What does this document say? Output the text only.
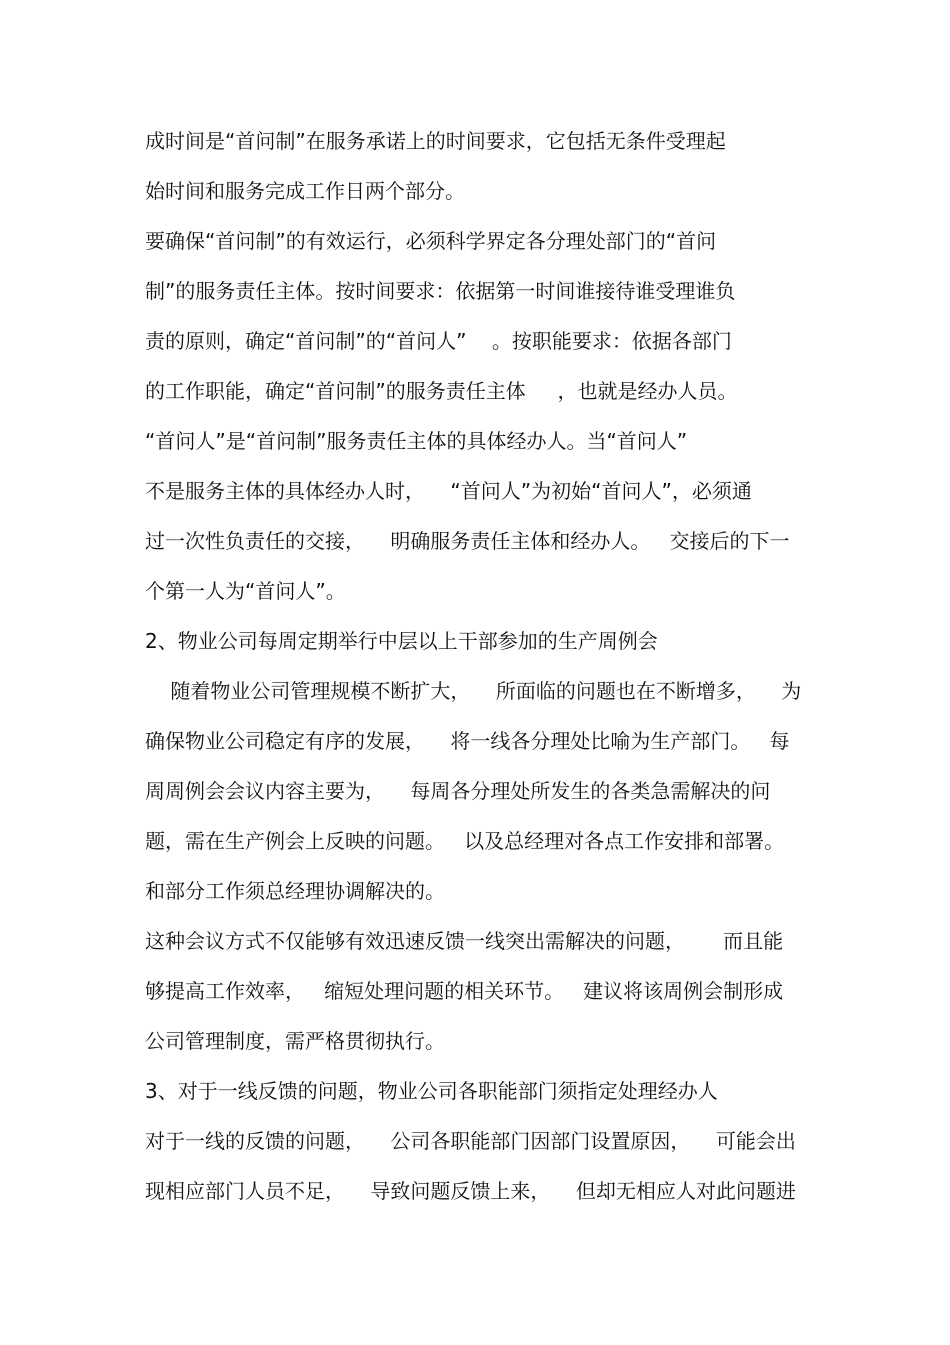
成时间是“首问制”在服务承诺上的时间要求，它包括无条件受理起
始时间和服务完成工作日两个部分。
要确保“首问制”的有效运行，必须科学界定各分理处部门的“首问
制”的服务责任主体。按时间要求：依据第一时间谁接待谁受理谁负
责的原则，确定“首问制”的“首问人”    。按职能要求：依据各部门
的工作职能，确定“首问制”的服务责任主体     ，也就是经办人员。
“首问人”是“首问制”服务责任主体的具体经办人。当“首问人”
不是服务主体的具体经办人时，    “首问人”为初始“首问人”，必须通
过一次性负责任的交接，    明确服务责任主体和经办人。   交接后的下一
个第一人为“首问人”。
2、物业公司每周定期举行中层以上干部参加的生产周例会
随着物业公司管理规模不断扩大，    所面临的问题也在不断增多，    为
确保物业公司稳定有序的发展，    将一线各分理处比喻为生产部门。   每
周周例会会议内容主要为，    每周各分理处所发生的各类急需解决的问
题，需在生产例会上反映的问题。   以及总经理对各点工作安排和部署。
和部分工作须总经理协调解决的。
这种会议方式不仅能够有效迅速反馈一线突出需解决的问题，      而且能
够提高工作效率，   缩短处理问题的相关环节。   建议将该周例会制形成
公司管理制度，需严格贯彻执行。
3、对于一线反馈的问题，物业公司各职能部门须指定处理经办人
对于一线的反馈的问题，    公司各职能部门因部门设置原因，    可能会出
现相应部门人员不足，    导致问题反馈上来，    但却无相应人对此问题进
